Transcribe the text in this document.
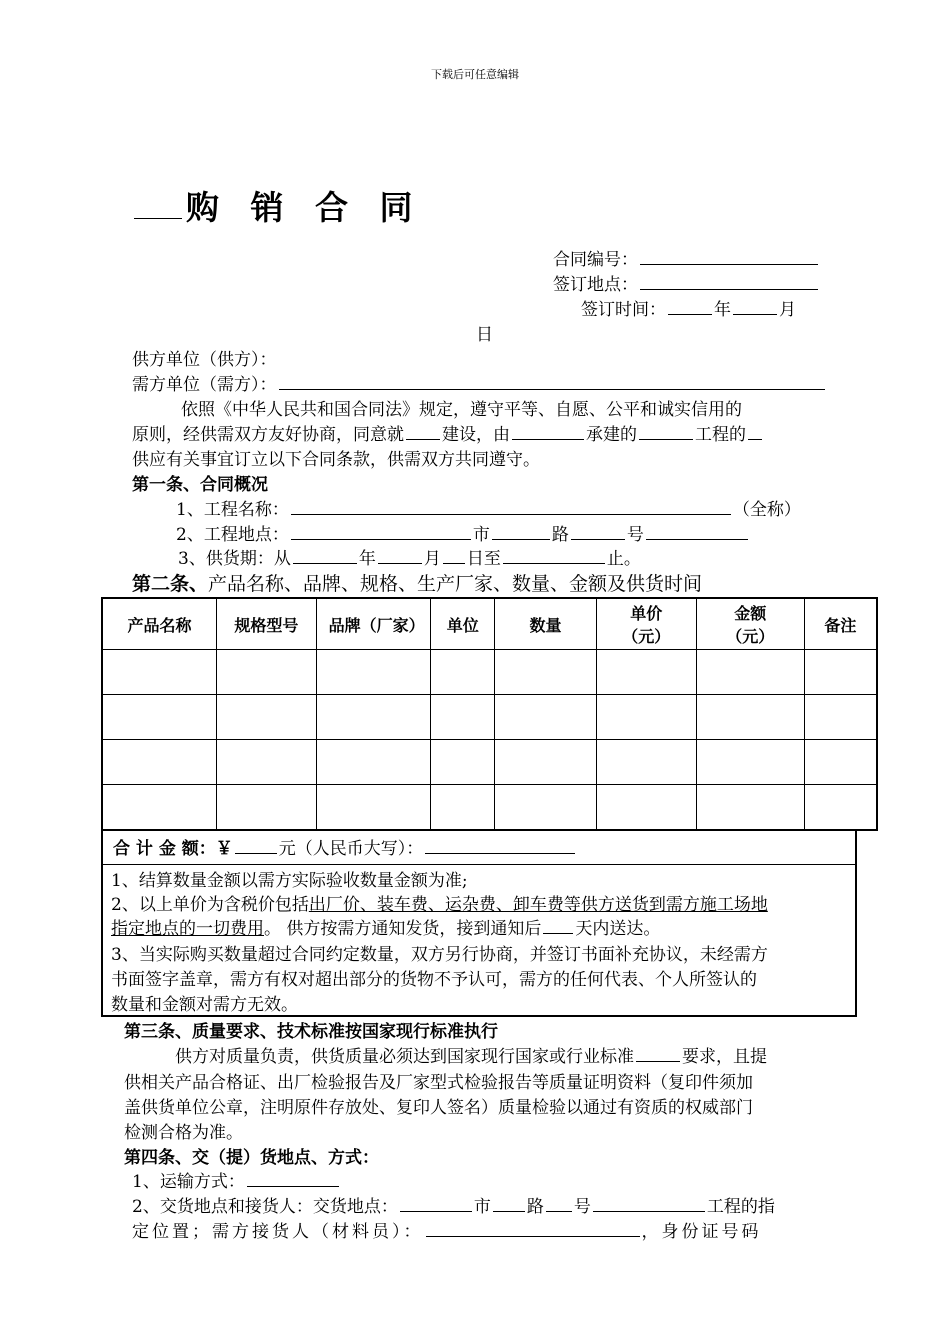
下载后可任意编辑
购 销 合 同
合同编号：
签订地点：
签订时间：	年	月
日
供方单位（供方）：
需方单位（需方）：
依照《中华人民共和国合同法》规定，遵守平等、自愿、公平和诚实信用的
原则，经供需双方友好协商，同意就 建设，由	承建的	工程的
供应有关事宜订立以下合同条款，供需双方共同遵守。
第一条、合同概况
1、工程名称：	（全称）
2、工程地点：	市	路	号
3、供货期：从	年	月 日至	止。
第二条、产品名称、品牌、规格、生产厂家、数量、金额及供货时间
产品名称	规格型号	品牌（厂家）	单位	数量	单价（元）	金额（元）	备注

合 计 金 额：￥	元（人民币大写）：
1、结算数量金额以需方实际验收数量金额为准;
2、以上单价为含税价包括出厂价、装车费、运杂费、卸车费等供方送货到需方施工场地
指定地点的一切费用。 供方按需方通知发货，接到通知后 天内送达。
3、当实际购买数量超过合同约定数量，双方另行协商，并签订书面补充协议，未经需方
书面签字盖章，需方有权对超出部分的货物不予认可，需方的任何代表、个人所签认的
数量和金额对需方无效。
第三条、质量要求、技术标准按国家现行标准执行
供方对质量负责，供货质量必须达到国家现行国家或行业标准	要求，且提
供相关产品合格证、出厂检验报告及厂家型式检验报告等质量证明资料（复印件须加
盖供货单位公章，注明原件存放处、复印人签名）质量检验以通过有资质的权威部门
检测合格为准。
第四条、交（提）货地点、方式：
1、运输方式：
2、交货地点和接货人：交货地点：	市 路 号	工程的指
定位置；需方接货人（材料员）：	，身份证号码
